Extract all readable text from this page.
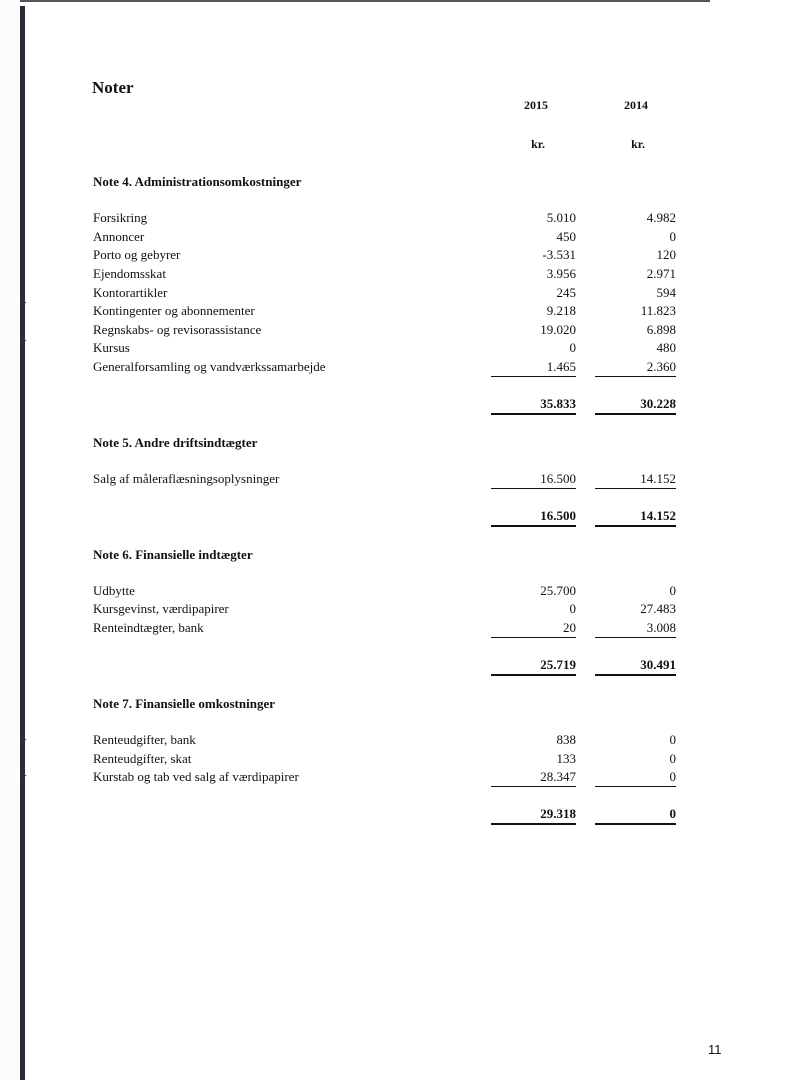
▸
▸
▸
▸
Noter
2015	2014
kr.	kr.
Note 4. Administrationsomkostninger
Forsikring	5.010	4.982
Annoncer	450	0
Porto og gebyrer	-3.531	120
Ejendomsskat	3.956	2.971
Kontorartikler	245	594
Kontingenter og abonnementer	9.218	11.823
Regnskabs- og revisorassistance	19.020	6.898
Kursus	0	480
Generalforsamling og vandværkssamarbejde	1.465	2.360
35.833	30.228
Note 5. Andre driftsindtægter
Salg af måleraflæsningsoplysninger	16.500	14.152
16.500	14.152
Note 6. Finansielle indtægter
Udbytte	25.700	0
Kursgevinst, værdipapirer	0	27.483
Renteindtægter, bank	20	3.008
25.719	30.491
Note 7. Finansielle omkostninger
Renteudgifter, bank	838	0
Renteudgifter, skat	133	0
Kurstab og tab ved salg af værdipapirer	28.347	0
29.318	0
11
